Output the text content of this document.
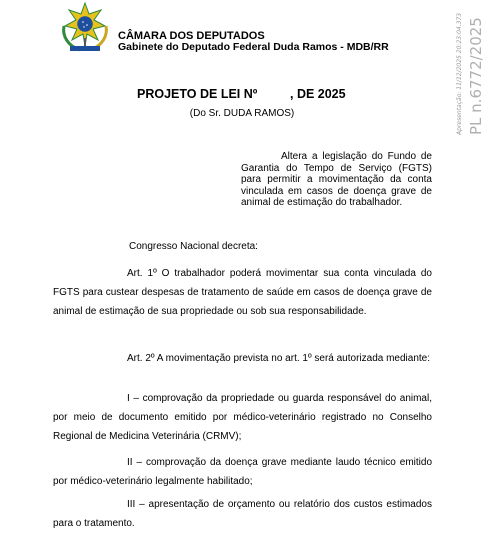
CÂMARA DOS DEPUTADOS
Gabinete do Deputado Federal Duda Ramos - MDB/RR	Apresentação: 11/12/2025 20:23:04.373 PL n.6772/2025
PROJETO DE LEI Nº	, DE 2025
(Do Sr. DUDA RAMOS)
Altera a legislação do Fundo de Garantia do Tempo de Serviço (FGTS) para permitir a movimentação da conta vinculada em casos de doença grave de animal de estimação do trabalhador.
Congresso Nacional decreta:
Art. 1º O trabalhador poderá movimentar sua conta vinculada do FGTS para custear despesas de tratamento de saúde em casos de doença grave de animal de estimação de sua propriedade ou sob sua responsabilidade.
Art. 2º A movimentação prevista no art. 1º será autorizada mediante:
I – comprovação da propriedade ou guarda responsável do animal, por meio de documento emitido por médico-veterinário registrado no Conselho Regional de Medicina Veterinária (CRMV);
II – comprovação da doença grave mediante laudo técnico emitido por médico-veterinário legalmente habilitado;
III – apresentação de orçamento ou relatório dos custos estimados para o tratamento.
